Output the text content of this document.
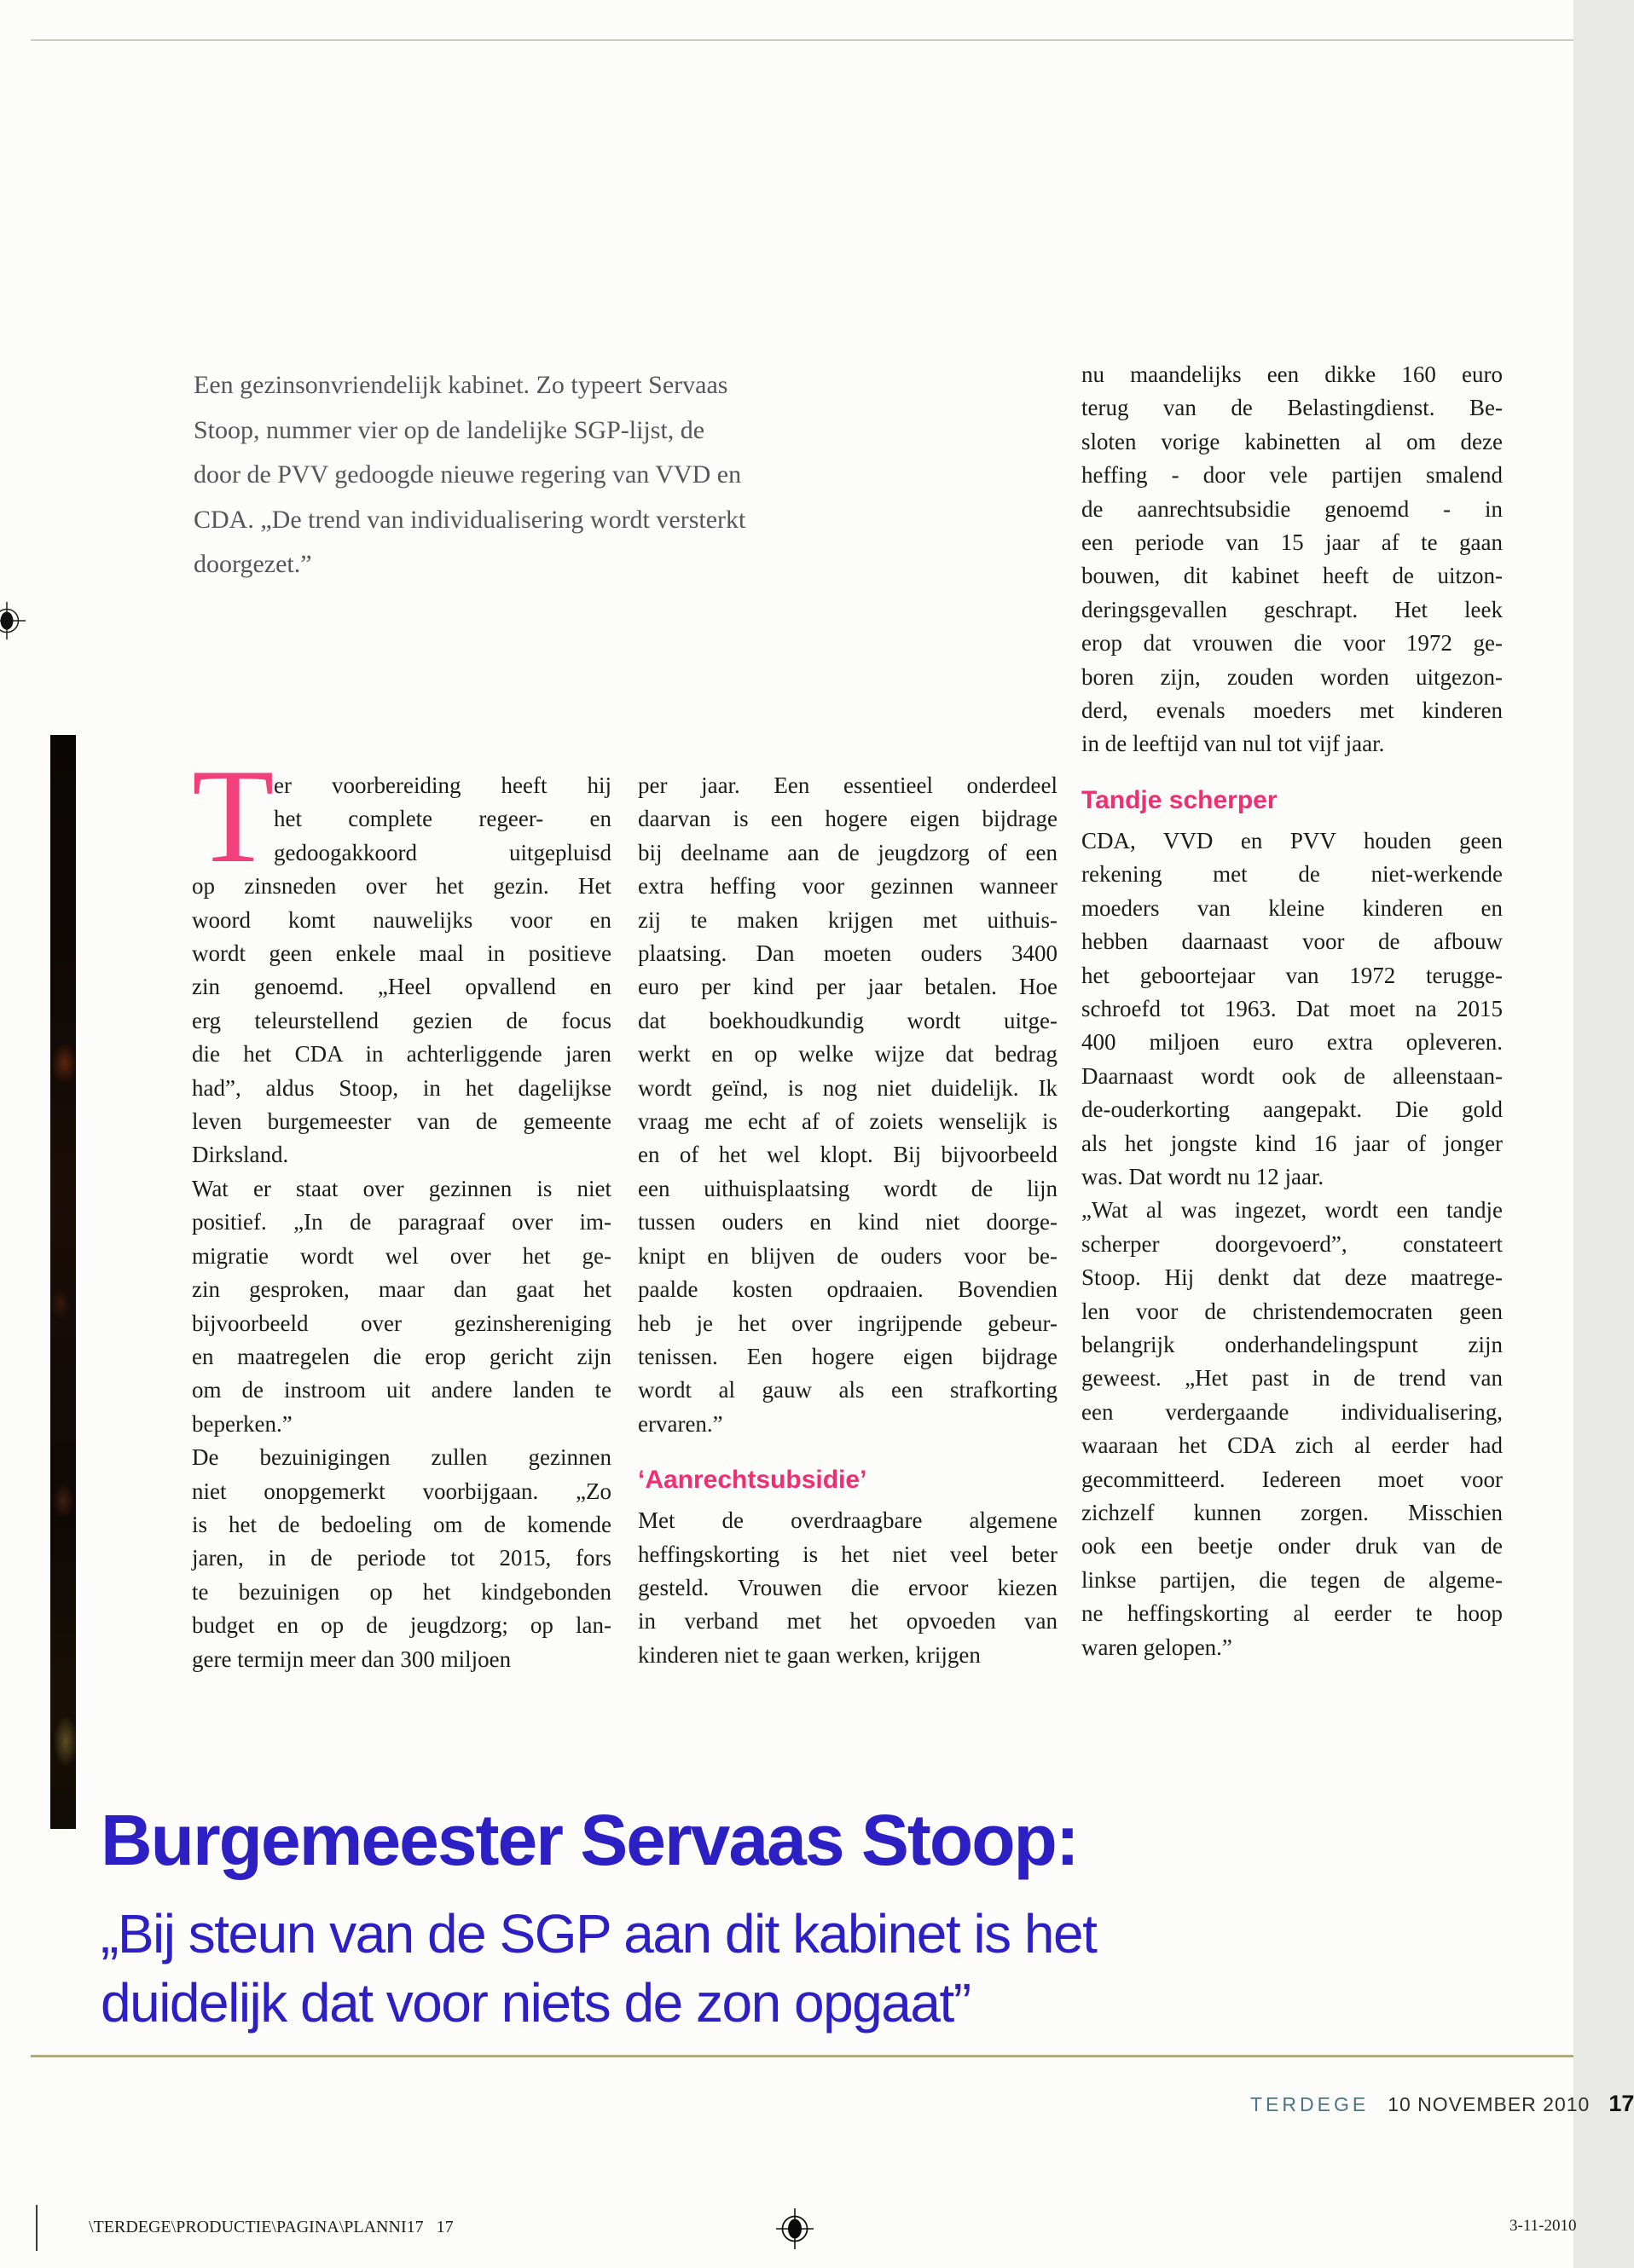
Een gezinsonvriendelijk kabinet. Zo typeert Servaas
Stoop, nummer vier op de landelijke SGP-lijst, de
door de PVV gedoogde nieuwe regering van VVD en
CDA. „De trend van individualisering wordt versterkt
doorgezet.”
T er voorbereiding heeft hij
het complete regeer- en
gedoogakkoord uitgepluisd
op zinsneden over het gezin. Het
woord komt nauwelijks voor en
wordt geen enkele maal in positieve
zin genoemd. „Heel opvallend en
erg teleurstellend gezien de focus
die het CDA in achterliggende jaren
had”, aldus Stoop, in het dagelijkse
leven burgemeester van de gemeente
Dirksland.
Wat er staat over gezinnen is niet
positief. „In de paragraaf over im-
migratie wordt wel over het ge-
zin gesproken, maar dan gaat het
bijvoorbeeld over gezinshereniging
en maatregelen die erop gericht zijn
om de instroom uit andere landen te
beperken.”
De bezuinigingen zullen gezinnen
niet onopgemerkt voorbijgaan. „Zo
is het de bedoeling om de komende
jaren, in de periode tot 2015, fors
te bezuinigen op het kindgebonden
budget en op de jeugdzorg; op lan-
gere termijn meer dan 300 miljoen
per jaar. Een essentieel onderdeel
daarvan is een hogere eigen bijdrage
bij deelname aan de jeugdzorg of een
extra heffing voor gezinnen wanneer
zij te maken krijgen met uithuis-
plaatsing. Dan moeten ouders 3400
euro per kind per jaar betalen. Hoe
dat boekhoudkundig wordt uitge-
werkt en op welke wijze dat bedrag
wordt geïnd, is nog niet duidelijk. Ik
vraag me echt af of zoiets wenselijk is
en of het wel klopt. Bij bijvoorbeeld
een uithuisplaatsing wordt de lijn
tussen ouders en kind niet doorge-
knipt en blijven de ouders voor be-
paalde kosten opdraaien. Bovendien
heb je het over ingrijpende gebeur-
tenissen. Een hogere eigen bijdrage
wordt al gauw als een strafkorting
ervaren.”
‘Aanrechtsubsidie’
Met de overdraagbare algemene
heffingskorting is het niet veel beter
gesteld. Vrouwen die ervoor kiezen
in verband met het opvoeden van
kinderen niet te gaan werken, krijgen
nu maandelijks een dikke 160 euro
terug van de Belastingdienst. Be-
sloten vorige kabinetten al om deze
heffing - door vele partijen smalend
de aanrechtsubsidie genoemd - in
een periode van 15 jaar af te gaan
bouwen, dit kabinet heeft de uitzon-
deringsgevallen geschrapt. Het leek
erop dat vrouwen die voor 1972 ge-
boren zijn, zouden worden uitgezon-
derd, evenals moeders met kinderen
in de leeftijd van nul tot vijf jaar.
Tandje scherper
CDA, VVD en PVV houden geen
rekening met de niet-werkende
moeders van kleine kinderen en
hebben daarnaast voor de afbouw
het geboortejaar van 1972 terugge-
schroefd tot 1963. Dat moet na 2015
400 miljoen euro extra opleveren.
Daarnaast wordt ook de alleenstaan-
de-ouderkorting aangepakt. Die gold
als het jongste kind 16 jaar of jonger
was. Dat wordt nu 12 jaar.
„Wat al was ingezet, wordt een tandje
scherper doorgevoerd”, constateert
Stoop. Hij denkt dat deze maatrege-
len voor de christendemocraten geen
belangrijk onderhandelingspunt zijn
geweest. „Het past in de trend van
een verdergaande individualisering,
waaraan het CDA zich al eerder had
gecommitteerd. Iedereen moet voor
zichzelf kunnen zorgen. Misschien
ook een beetje onder druk van de
linkse partijen, die tegen de algeme-
ne heffingskorting al eerder te hoop
waren gelopen.”
Burgemeester Servaas Stoop:
„Bij steun van de SGP aan dit kabinet is het
duidelijk dat voor niets de zon opgaat”
TERDEGE 10 NOVEMBER 2010 17
\TERDEGE\PRODUCTIE\PAGINA\PLANNI17   17	3-11-2010
